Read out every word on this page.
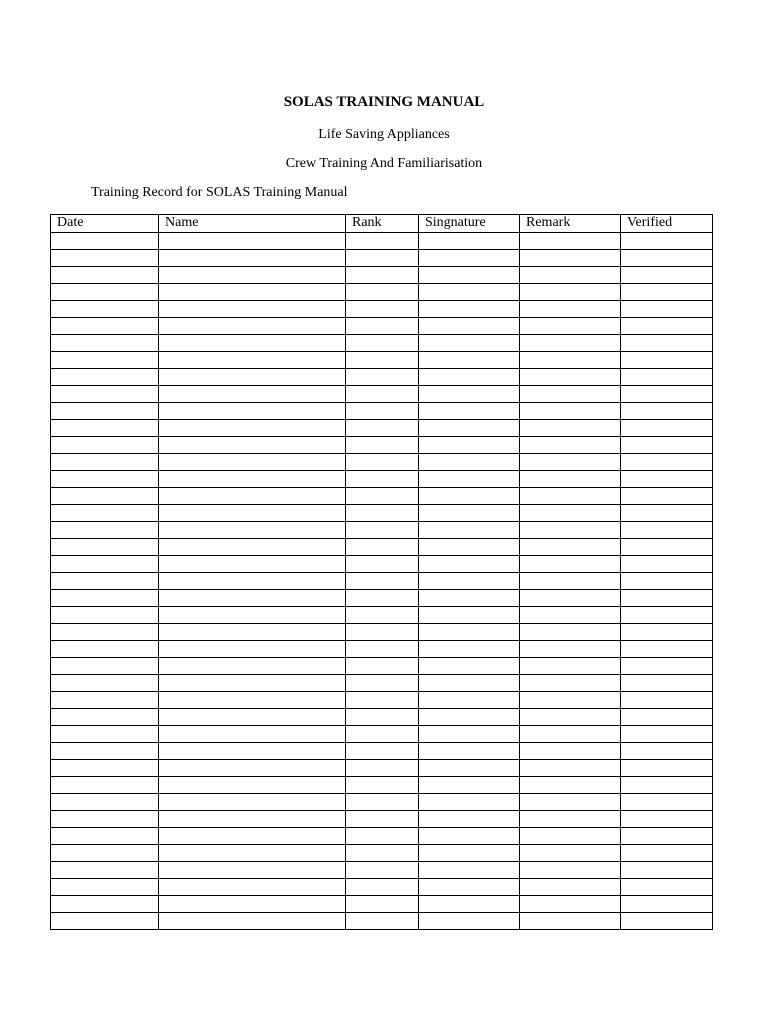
SOLAS TRAINING MANUAL

Life Saving Appliances

Crew Training And Familiarisation

Training Record for SOLAS Training Manual

Date	Name	Rank	Singnature	Remark	Verified
